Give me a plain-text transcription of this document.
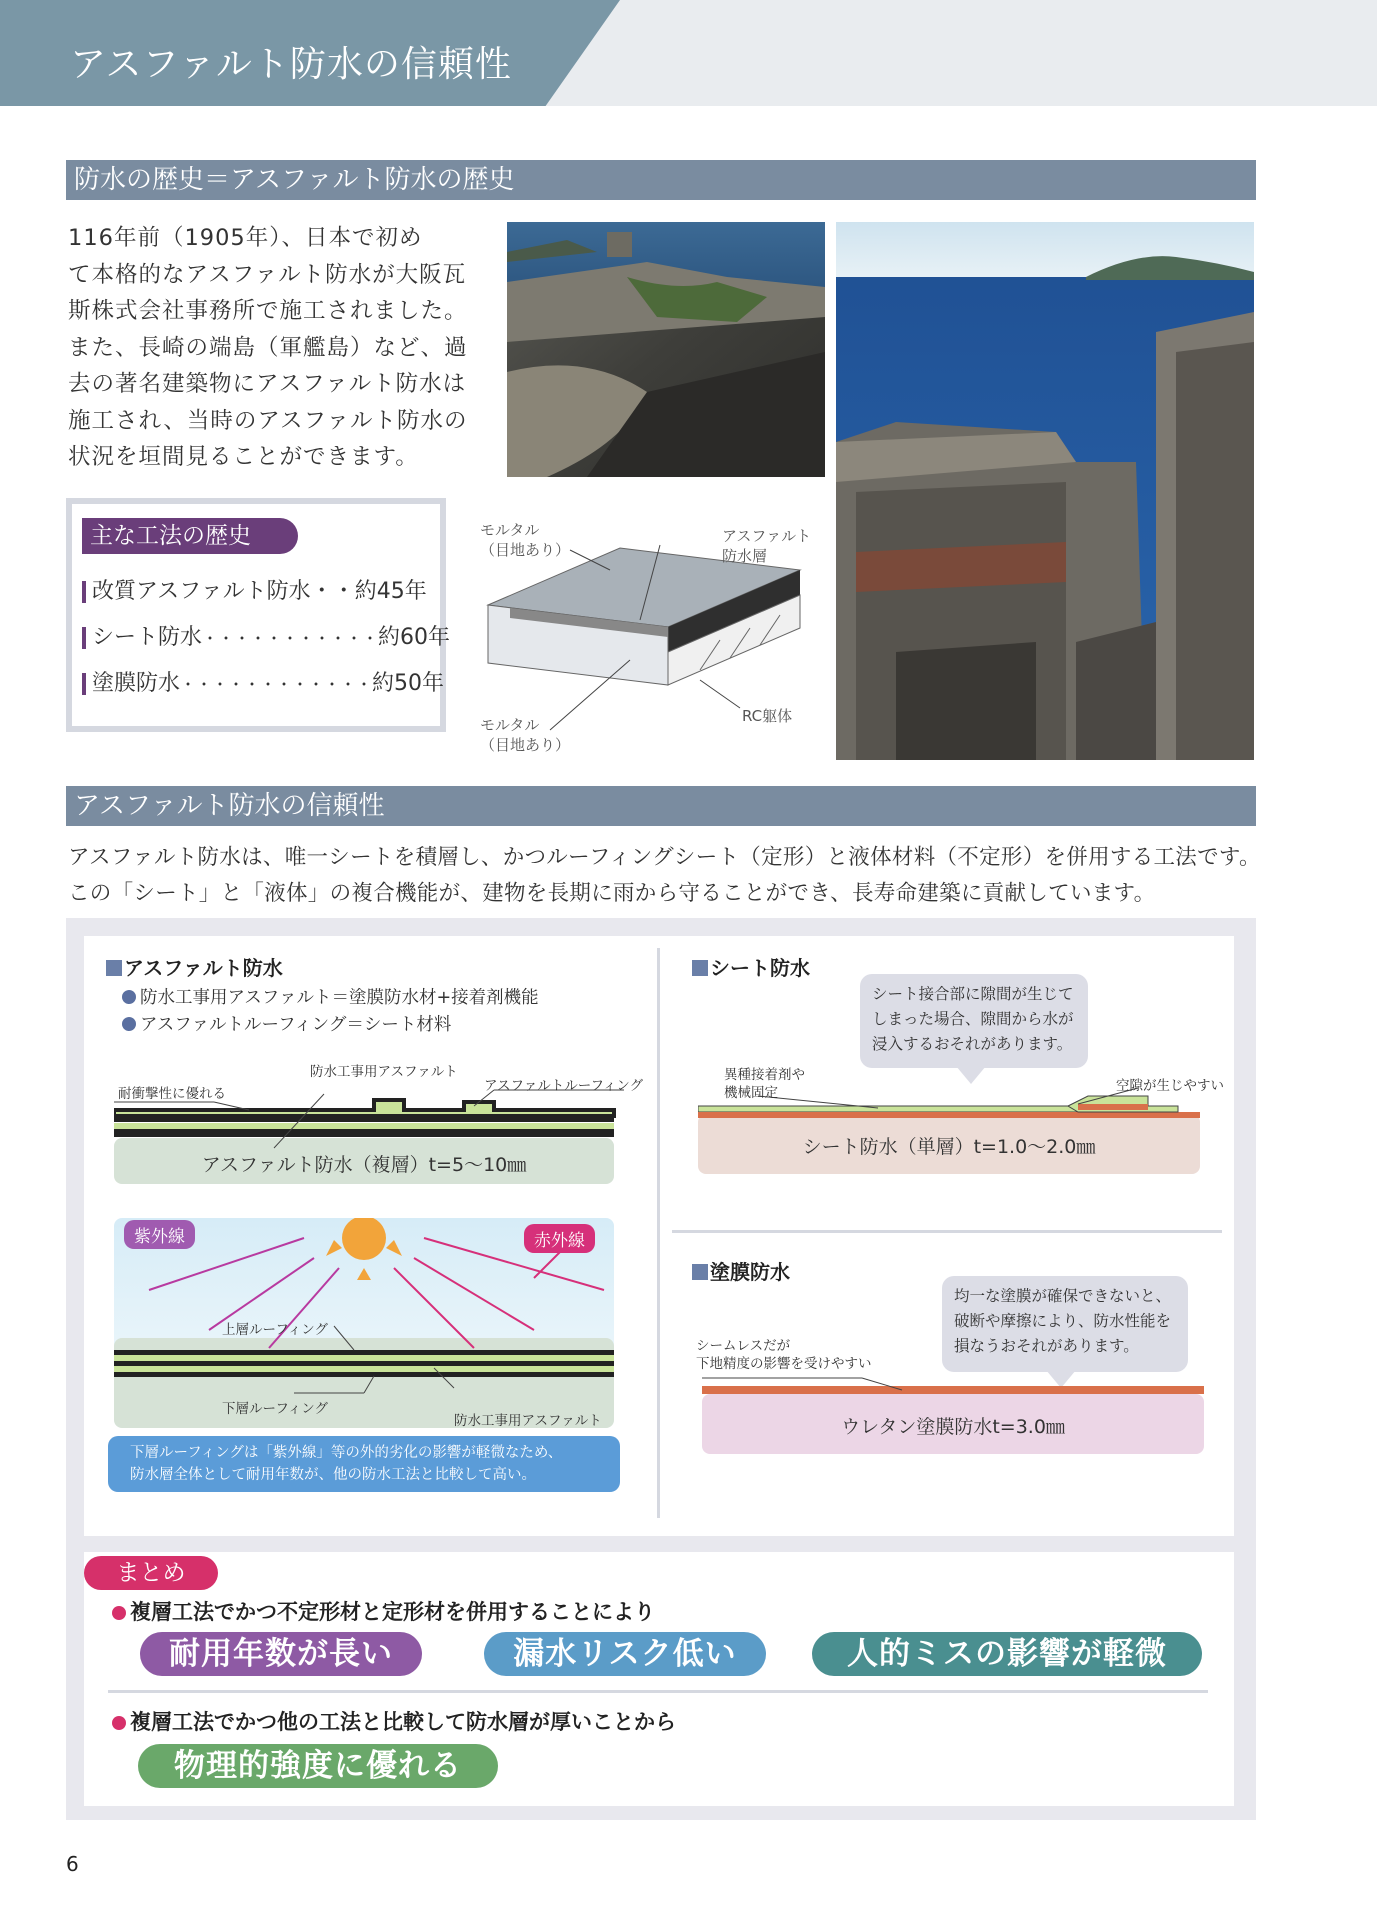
アスファルト防水の信頼性
防水の歴史＝アスファルト防水の歴史
116年前（1905年）、日本で初め
て本格的なアスファルト防水が大阪瓦
斯株式会社事務所で施工されました。
また、長崎の端島（軍艦島）など、過
去の著名建築物にアスファルト防水は
施工され、当時のアスファルト防水の
状況を垣間見ることができます。
主な工法の歴史
改質アスファルト防水・・約45年
シート防水・・・・・・・・・・・約60年
塗膜防水・・・・・・・・・・・・約50年
モルタル
（目地あり）
アスファルト
防水層
モルタル
（目地あり）
RC躯体
アスファルト防水の信頼性
アスファルト防水は、唯一シートを積層し、かつルーフィングシート（定形）と液体材料（不定形）を併用する工法です。
この「シート」と「液体」の複合機能が、建物を長期に雨から守ることができ、長寿命建築に貢献しています。
アスファルト防水
防水工事用アスファルト＝塗膜防水材+接着剤機能
アスファルトルーフィング＝シート材料
耐衝撃性に優れる
防水工事用アスファルト
アスファルトルーフィング
アスファルト防水（複層）t=5〜10㎜
紫外線	赤外線
上層ルーフィング
下層ルーフィング
防水工事用アスファルト
下層ルーフィングは「紫外線」等の外的劣化の影響が軽微なため、
防水層全体として耐用年数が、他の防水工法と比較して高い。
シート防水
シート接合部に隙間が生じて
しまった場合、隙間から水が
浸入するおそれがあります。
異種接着剤や
機械固定	空隙が生じやすい
シート防水（単層）t=1.0〜2.0㎜
塗膜防水
均一な塗膜が確保できないと、
破断や摩擦により、防水性能を
損なうおそれがあります。
シームレスだが
下地精度の影響を受けやすい
ウレタン塗膜防水t=3.0㎜
まとめ
複層工法でかつ不定形材と定形材を併用することにより
耐用年数が長い	漏水リスク低い	人的ミスの影響が軽微
複層工法でかつ他の工法と比較して防水層が厚いことから
物理的強度に優れる
6
